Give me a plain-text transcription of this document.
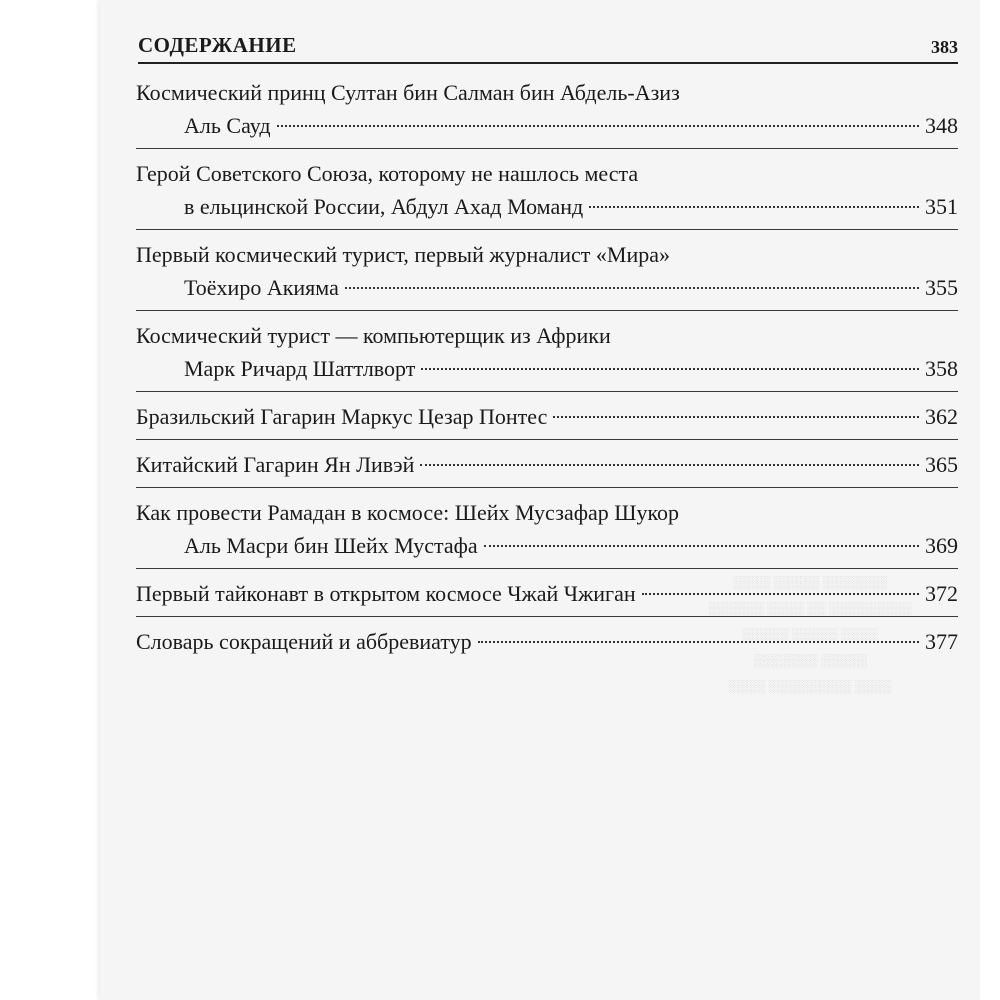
░░░░ ░░░░░ ░░░░░░░
░░░░░░ ░░░░ ░░ ░░░░░░░░░
░░░░░ ░░░░░ ░░░░
░░░░░░░ ░░░░░
░░░░ ░░░░░░░░░ ░░░░
СОДЕРЖАНИЕ	383
Космический принц Султан бин Салман бин Абдель-Азиз
Аль Сауд	348
Герой Советского Союза, которому не нашлось места
в ельцинской России, Абдул Ахад Моманд	351
Первый космический турист, первый журналист «Мира»
Тоёхиро Акияма	355
Космический турист — компьютерщик из Африки
Марк Ричард Шаттлворт	358
Бразильский Гагарин Маркус Цезар Понтес	362
Китайский Гагарин Ян Ливэй	365
Как провести Рамадан в космосе: Шейх Мусзафар Шукор
Аль Масри бин Шейх Мустафа	369
Первый тайконавт в открытом космосе Чжай Чжиган	372
Словарь сокращений и аббревиатур	377
